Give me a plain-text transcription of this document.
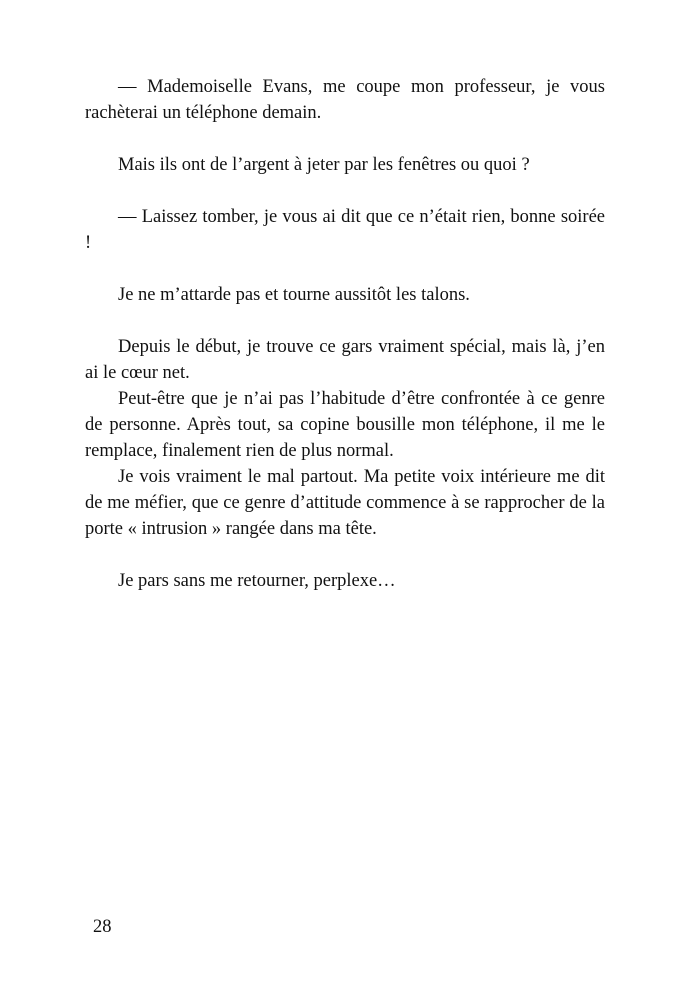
— Mademoiselle Evans, me coupe mon professeur, je vous rachèterai un téléphone demain.

Mais ils ont de l’argent à jeter par les fenêtres ou quoi ?

— Laissez tomber, je vous ai dit que ce n’était rien, bonne soirée !

Je ne m’attarde pas et tourne aussitôt les talons.

Depuis le début, je trouve ce gars vraiment spécial, mais là, j’en ai le cœur net.

Peut-être que je n’ai pas l’habitude d’être confrontée à ce genre de personne. Après tout, sa copine bousille mon téléphone, il me le remplace, finalement rien de plus normal.

Je vois vraiment le mal partout. Ma petite voix intérieure me dit de me méfier, que ce genre d’attitude commence à se rapprocher de la porte « intrusion » rangée dans ma tête.

Je pars sans me retourner, perplexe…

28
